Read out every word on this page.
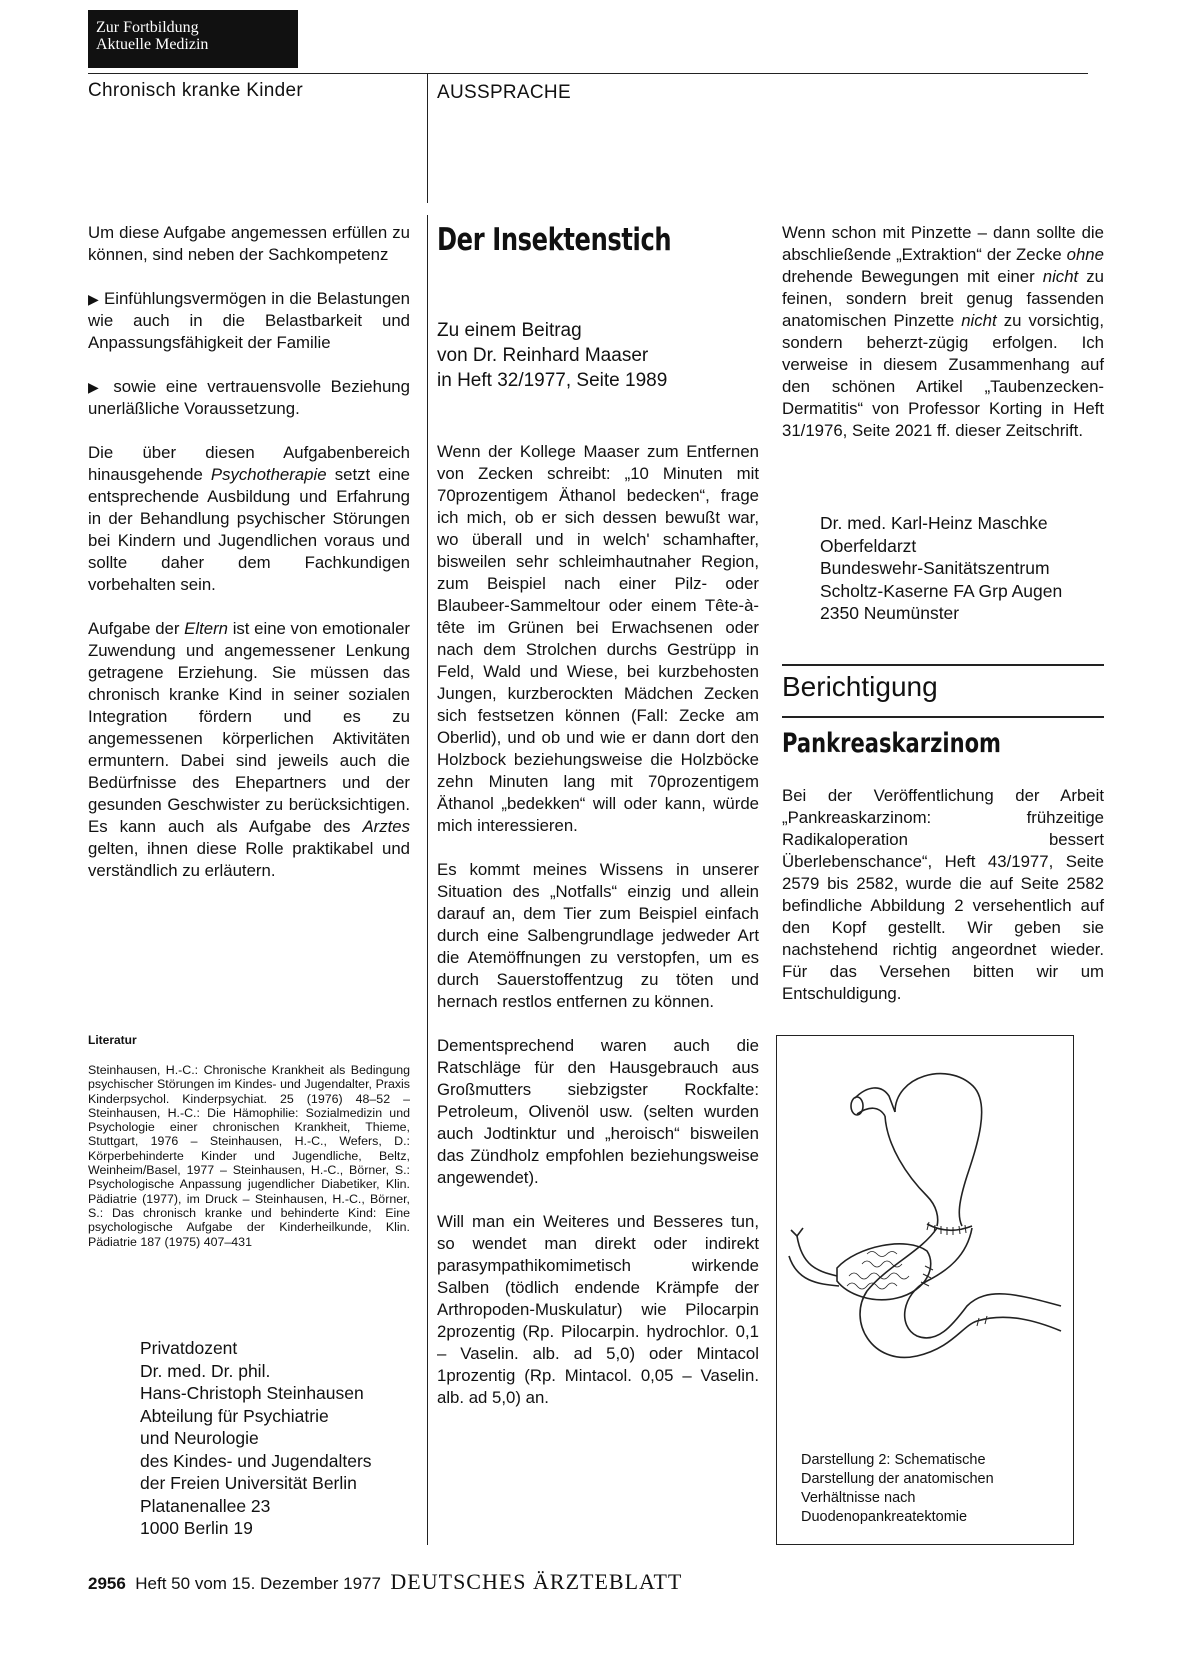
Zur Fortbildung
Aktuelle Medizin
Chronisch kranke Kinder	AUSSPRACHE

Um diese Aufgabe angemessen erfüllen zu können, sind neben der Sachkompetenz

▶ Einfühlungsvermögen in die Belastungen wie auch in die Belastbarkeit und Anpassungsfähigkeit der Familie

▶ sowie eine vertrauensvolle Beziehung unerläßliche Voraussetzung.

Die über diesen Aufgabenbereich hinausgehende Psychotherapie setzt eine entsprechende Ausbildung und Erfahrung in der Behandlung psychischer Störungen bei Kindern und Jugendlichen voraus und sollte daher dem Fachkundigen vorbehalten sein.

Aufgabe der Eltern ist eine von emotionaler Zuwendung und angemessener Lenkung getragene Erziehung. Sie müssen das chronisch kranke Kind in seiner sozialen Integration fördern und es zu angemessenen körperlichen Aktivitäten ermuntern. Dabei sind jeweils auch die Bedürfnisse des Ehepartners und der gesunden Geschwister zu berücksichtigen. Es kann auch als Aufgabe des Arztes gelten, ihnen diese Rolle praktikabel und verständlich zu erläutern.

Literatur
Steinhausen, H.-C.: Chronische Krankheit als Bedingung psychischer Störungen im Kindes- und Jugendalter, Praxis Kinderpsychol. Kinderpsychiat. 25 (1976) 48–52 – Steinhausen, H.-C.: Die Hämophilie: Sozialmedizin und Psychologie einer chronischen Krankheit, Thieme, Stuttgart, 1976 – Steinhausen, H.-C., Wefers, D.: Körperbehinderte Kinder und Jugendliche, Beltz, Weinheim/Basel, 1977 – Steinhausen, H.-C., Börner, S.: Psychologische Anpassung jugendlicher Diabetiker, Klin. Pädiatrie (1977), im Druck – Steinhausen, H.-C., Börner, S.: Das chronisch kranke und behinderte Kind: Eine psychologische Aufgabe der Kinderheilkunde, Klin. Pädiatrie 187 (1975) 407–431
Privatdozent
Dr. med. Dr. phil.
Hans-Christoph Steinhausen
Abteilung für Psychiatrie
und Neurologie
des Kindes- und Jugendalters
der Freien Universität Berlin
Platanenallee 23
1000 Berlin 19
Der Insektenstich
Zu einem Beitrag
von Dr. Reinhard Maaser
in Heft 32/1977, Seite 1989

Wenn der Kollege Maaser zum Entfernen von Zecken schreibt: „10 Minuten mit 70prozentigem Äthanol bedecken“, frage ich mich, ob er sich dessen bewußt war, wo überall und in welch' schamhafter, bisweilen sehr schleimhautnaher Region, zum Beispiel nach einer Pilz- oder Blaubeer-Sammeltour oder einem Tête-à-tête im Grünen bei Erwachsenen oder nach dem Strolchen durchs Gestrüpp in Feld, Wald und Wiese, bei kurzbehosten Jungen, kurzberockten Mädchen Zecken sich festsetzen können (Fall: Zecke am Oberlid), und ob und wie er dann dort den Holzbock beziehungsweise die Holzböcke zehn Minuten lang mit 70prozentigem Äthanol „bedekken“ will oder kann, würde mich interessieren.

Es kommt meines Wissens in unserer Situation des „Notfalls“ einzig und allein darauf an, dem Tier zum Beispiel einfach durch eine Salbengrundlage jedweder Art die Atemöffnungen zu verstopfen, um es durch Sauerstoffentzug zu töten und hernach restlos entfernen zu können.

Dementsprechend waren auch die Ratschläge für den Hausgebrauch aus Großmutters siebzigster Rockfalte: Petroleum, Olivenöl usw. (selten wurden auch Jodtinktur und „heroisch“ bisweilen das Zündholz empfohlen beziehungsweise angewendet).

Will man ein Weiteres und Besseres tun, so wendet man direkt oder indirekt parasympathikomimetisch wirkende Salben (tödlich endende Krämpfe der Arthropoden-Muskulatur) wie Pilocarpin 2prozentig (Rp. Pilocarpin. hydrochlor. 0,1 – Vaselin. alb. ad 5,0) oder Mintacol 1prozentig (Rp. Mintacol. 0,05 – Vaselin. alb. ad 5,0) an.

Wenn schon mit Pinzette – dann sollte die abschließende „Extraktion“ der Zecke ohne drehende Bewegungen mit einer nicht zu feinen, sondern breit genug fassenden anatomischen Pinzette nicht zu vorsichtig, sondern beherzt-zügig erfolgen. Ich verweise in diesem Zusammenhang auf den schönen Artikel „Taubenzecken-Dermatitis“ von Professor Korting in Heft 31/1976, Seite 2021 ff. dieser Zeitschrift.

Dr. med. Karl-Heinz Maschke
Oberfeldarzt
Bundeswehr-Sanitätszentrum
Scholtz-Kaserne FA Grp Augen
2350 Neumünster
Berichtigung
Pankreaskarzinom

Bei der Veröffentlichung der Arbeit „Pankreaskarzinom: frühzeitige Radikaloperation bessert Überlebenschance“, Heft 43/1977, Seite 2579 bis 2582, wurde die auf Seite 2582 befindliche Abbildung 2 versehentlich auf den Kopf gestellt. Wir geben sie nachstehend richtig angeordnet wieder. Für das Versehen bitten wir um Entschuldigung.

Darstellung 2: Schematische Darstellung der anatomischen Verhältnisse nach Duodenopankreatektomie
2956 Heft 50 vom 15. Dezember 1977 DEUTSCHES ÄRZTEBLATT
